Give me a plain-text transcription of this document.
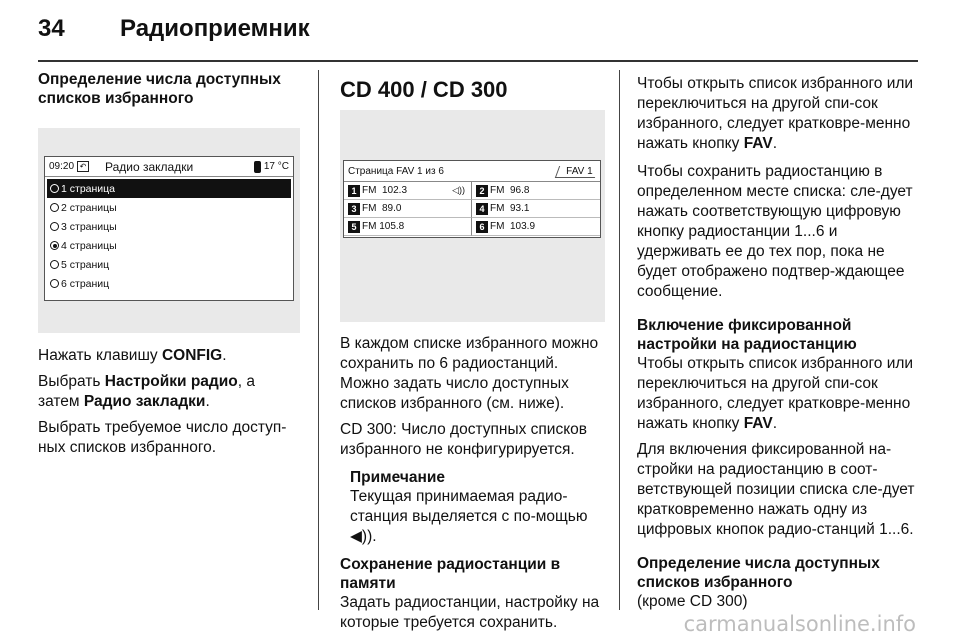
34 Радиоприемник
Определение числа доступных списков избранного
09:20 ↶ Радио закладки	17 °C
1 страница
2 страницы
3 страницы
4 страницы
5 страниц
6 страниц

Нажать клавишу CONFIG.

Выбрать Настройки радио, а затем Радио закладки.

Выбрать требуемое число доступ-ных списков избранного.

CD 400 / CD 300
Страница FAV 1 из 6	FAV 1
1 FM  102.3	◁))	2 FM  96.8
3 FM  89.0	4 FM  93.1
5 FM 105.8	6 FM  103.9

В каждом списке избранного можно сохранить по 6 радиостанций. Можно задать число доступных списков избранного (см. ниже).

CD 300: Число доступных списков избранного не конфигурируется.

Примечание

Текущая принимаемая радио-станция выделяется с по-мощью ◀)).

Сохранение радиостанции в памяти

Задать радиостанции, настройку на которые требуется сохранить.

Чтобы открыть список избранного или переключиться на другой спи-сок избранного, следует кратковре-менно нажать кнопку FAV.

Чтобы сохранить радиостанцию в определенном месте списка: сле-дует нажать соответствующую цифровую кнопку радиостанции 1...6 и удерживать ее до тех пор, пока не будет отображено подтвер-ждающее сообщение.

Включение фиксированной настройки на радиостанцию

Чтобы открыть список избранного или переключиться на другой спи-сок избранного, следует кратковре-менно нажать кнопку FAV.

Для включения фиксированной на-стройки на радиостанцию в соот-ветствующей позиции списка сле-дует кратковременно нажать одну из цифровых кнопок радио-станций 1...6.

Определение числа доступных списков избранного

(кроме CD 300)

carmanualsonline.info
